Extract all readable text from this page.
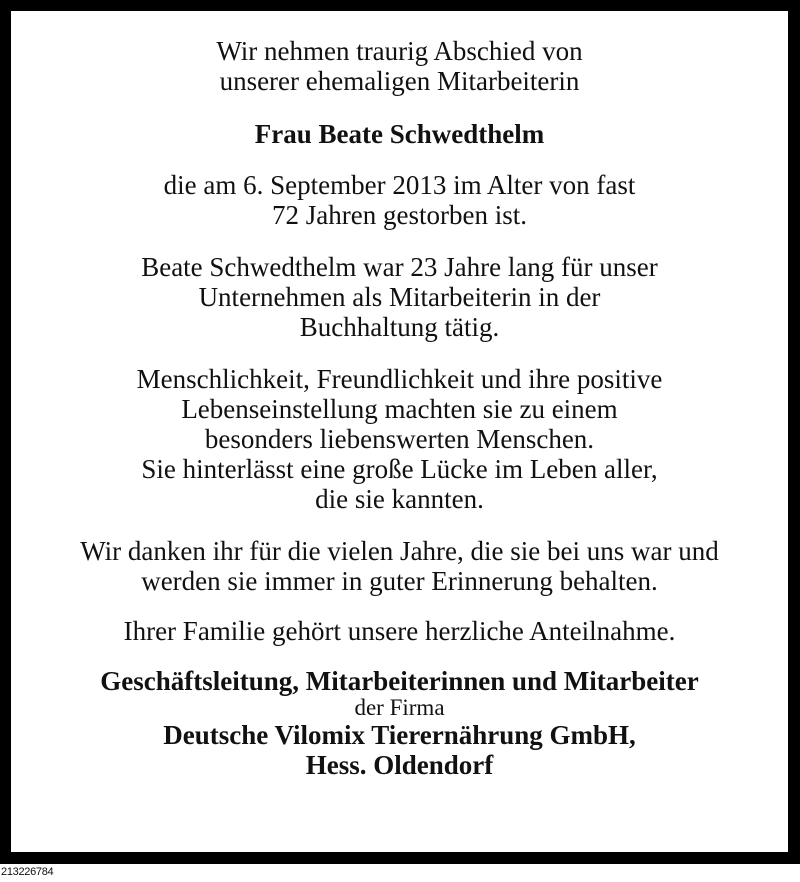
Wir nehmen traurig Abschied von

unserer ehemaligen Mitarbeiterin

Frau Beate Schwedthelm

die am 6. September 2013 im Alter von fast

72 Jahren gestorben ist.

Beate Schwedthelm war 23 Jahre lang für unser

Unternehmen als Mitarbeiterin in der

Buchhaltung tätig.

Menschlichkeit, Freundlichkeit und ihre positive

Lebenseinstellung machten sie zu einem

besonders liebenswerten Menschen.

Sie hinterlässt eine große Lücke im Leben aller,

die sie kannten.

Wir danken ihr für die vielen Jahre, die sie bei uns war und

werden sie immer in guter Erinnerung behalten.

Ihrer Familie gehört unsere herzliche Anteilnahme.

Geschäftsleitung, Mitarbeiterinnen und Mitarbeiter

der Firma

Deutsche Vilomix Tierernährung GmbH,

Hess. Oldendorf

213226784
